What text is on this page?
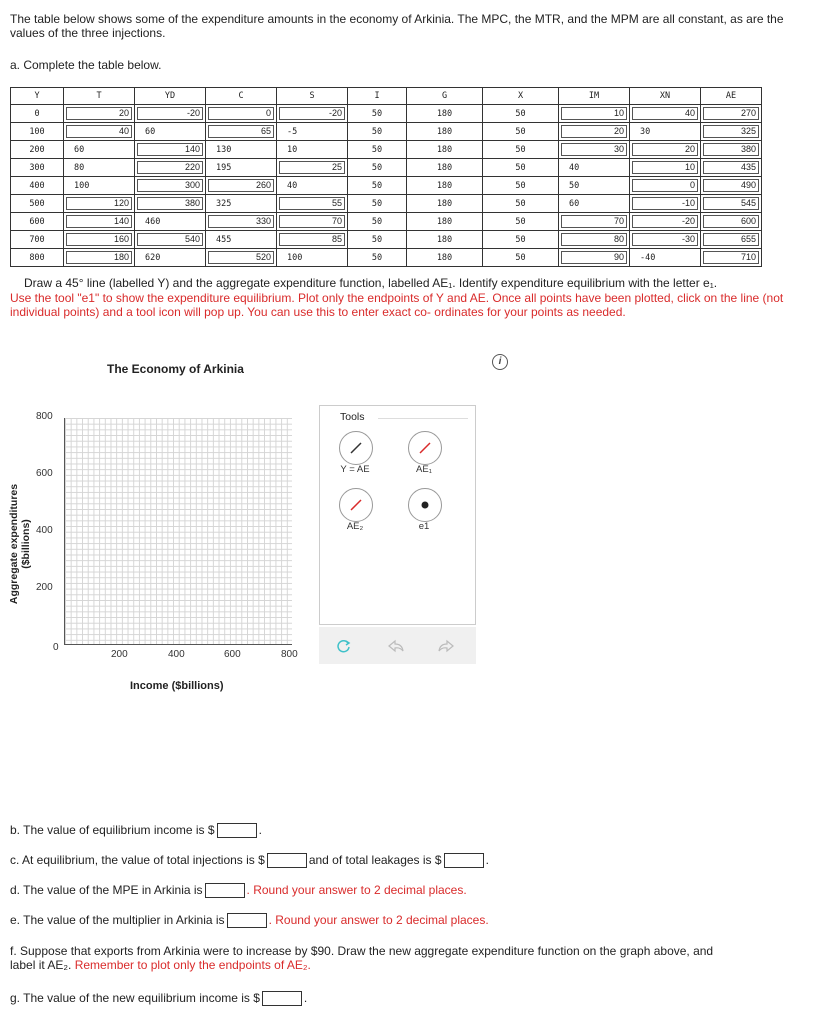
The table below shows some of the expenditure amounts in the economy of Arkinia. The MPC, the MTR, and the MPM are all constant, as are the values of the three injections.
a. Complete the table below.
Y	T	YD	C	S	I	G	X	IM	XN	AE
0	20	-20	0	-20	50	180	50	10	40	270

100	40	60	65	-5	50	180	50	20	30	325

200	60	140	130	10	50	180	50	30	20	380

300	80	220	195	25	50	180	50	40	10	435

400	100	300	260	40	50	180	50	50	0	490

500	120	380	325	55	50	180	50	60	-10	545

600	140	460	330	70	50	180	50	70	-20	600

700	160	540	455	85	50	180	50	80	-30	655

800	180	620	520	100	50	180	50	90	-40	710
Draw a 45° line (labelled Y) and the aggregate expenditure function, labelled AE₁. Identify expenditure equilibrium with the letter e₁.
Use the tool "e1" to show the expenditure equilibrium. Plot only the endpoints of Y and AE. Once all points have been plotted, click on the line (not individual points) and a tool icon will pop up. You can use this to enter exact co- ordinates for your points as needed.
i
The Economy of Arkinia
Aggregate expenditures ($billions)
800
600
400
200
0
200	400	600	800
Income ($billions)
Tools
Y = AE	AE₁
AE₂	e1
b. The value of equilibrium income is $	.
c. At equilibrium, the value of total injections is $	and of total leakages is $	.
d. The value of the MPE in Arkinia is	. Round your answer to 2 decimal places.
e. The value of the multiplier in Arkinia is	. Round your answer to 2 decimal places.
f. Suppose that exports from Arkinia were to increase by $90. Draw the new aggregate expenditure function on the graph above, and
label it AE₂. Remember to plot only the endpoints of AE₂.
g. The value of the new equilibrium income is $	.
